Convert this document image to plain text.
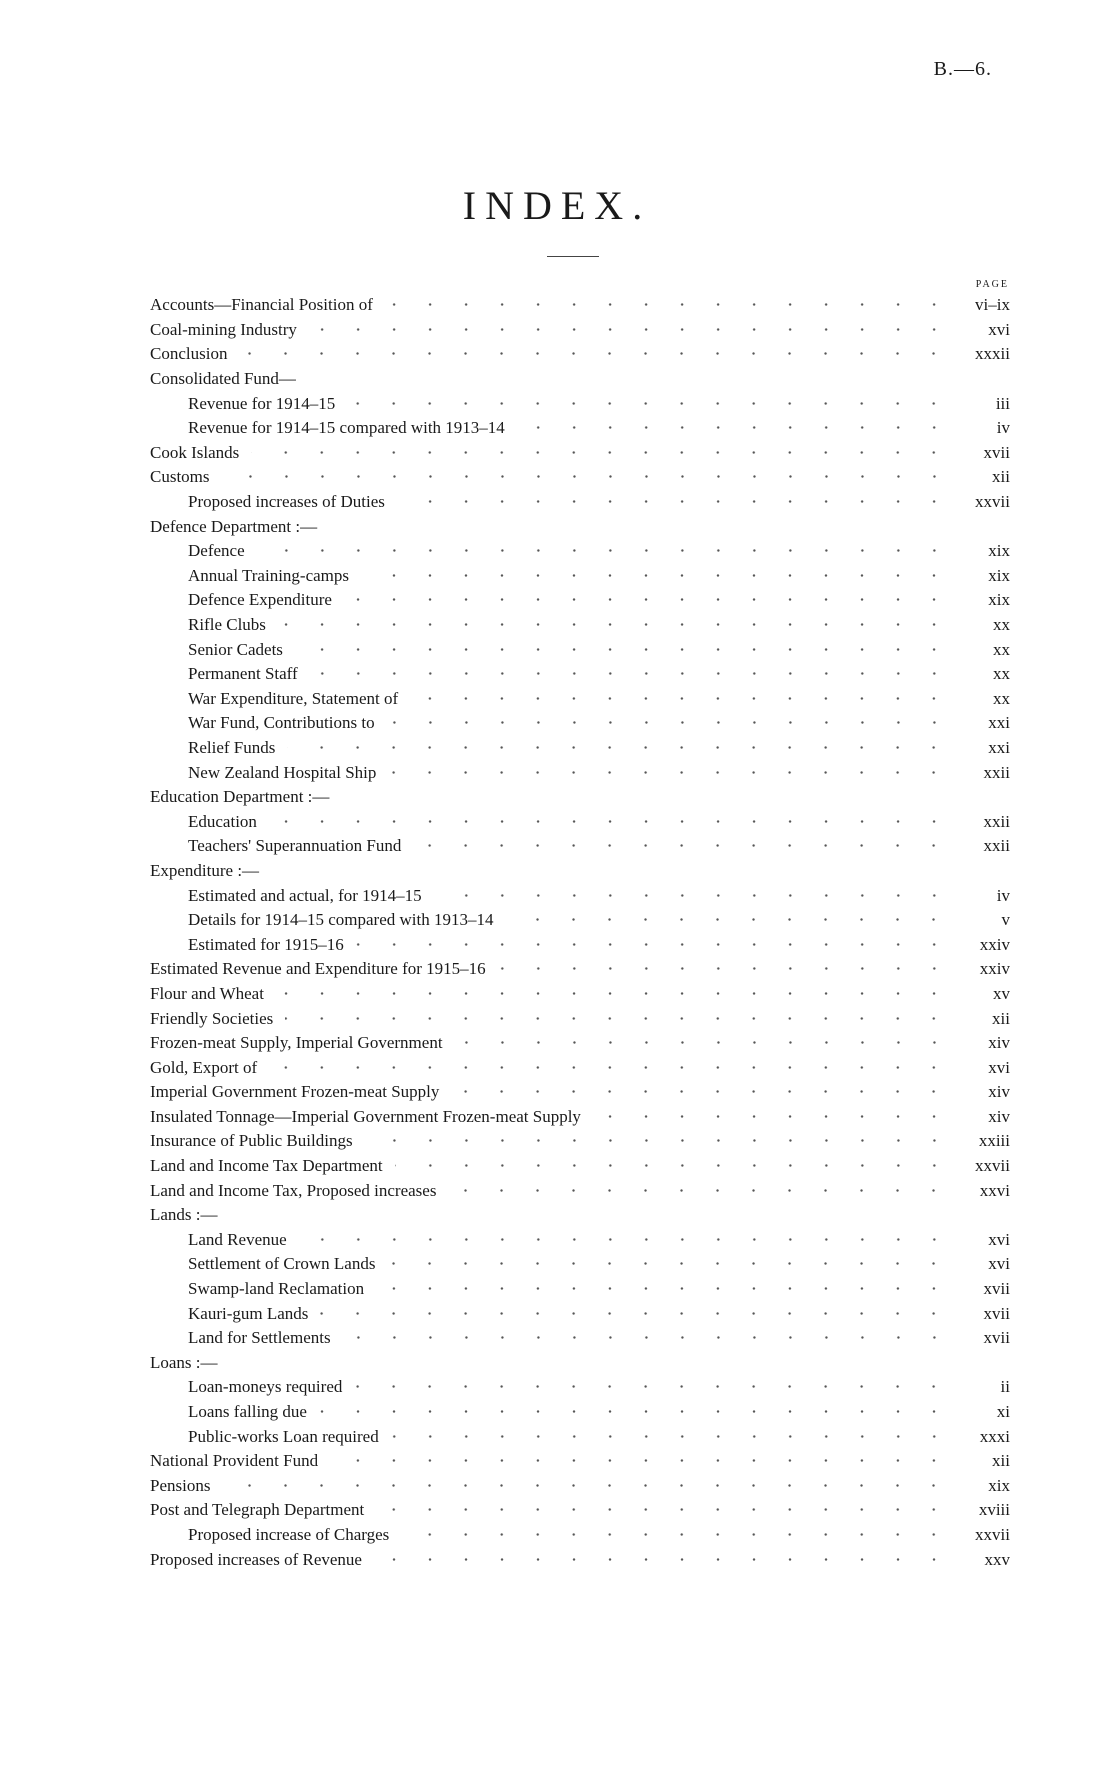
B.—6.
INDEX.
PAGE
Accounts—Financial Position of	vi–ix
Coal-mining Industry	xvi
Conclusion	xxxii
Consolidated Fund—
Revenue for 1914–15	iii
Revenue for 1914–15 compared with 1913–14	iv
Cook Islands	xvii
Customs	xii
Proposed increases of Duties	xxvii
Defence Department :—
Defence	xix
Annual Training-camps	xix
Defence Expenditure	xix
Rifle Clubs	xx
Senior Cadets	xx
Permanent Staff	xx
War Expenditure, Statement of	xx
War Fund, Contributions to	xxi
Relief Funds	xxi
New Zealand Hospital Ship	xxii
Education Department :—
Education	xxii
Teachers' Superannuation Fund	xxii
Expenditure :—
Estimated and actual, for 1914–15	iv
Details for 1914–15 compared with 1913–14	v
Estimated for 1915–16	xxiv
Estimated Revenue and Expenditure for 1915–16	xxiv
Flour and Wheat	xv
Friendly Societies	xii
Frozen-meat Supply, Imperial Government	xiv
Gold, Export of	xvi
Imperial Government Frozen-meat Supply	xiv
Insulated Tonnage—Imperial Government Frozen-meat Supply	xiv
Insurance of Public Buildings	xxiii
Land and Income Tax Department	xxvii
Land and Income Tax, Proposed increases	xxvi
Lands :—
Land Revenue	xvi
Settlement of Crown Lands	xvi
Swamp-land Reclamation	xvii
Kauri-gum Lands	xvii
Land for Settlements	xvii
Loans :—
Loan-moneys required	ii
Loans falling due	xi
Public-works Loan required	xxxi
National Provident Fund	xii
Pensions	xix
Post and Telegraph Department	xviii
Proposed increase of Charges	xxvii
Proposed increases of Revenue	xxv
